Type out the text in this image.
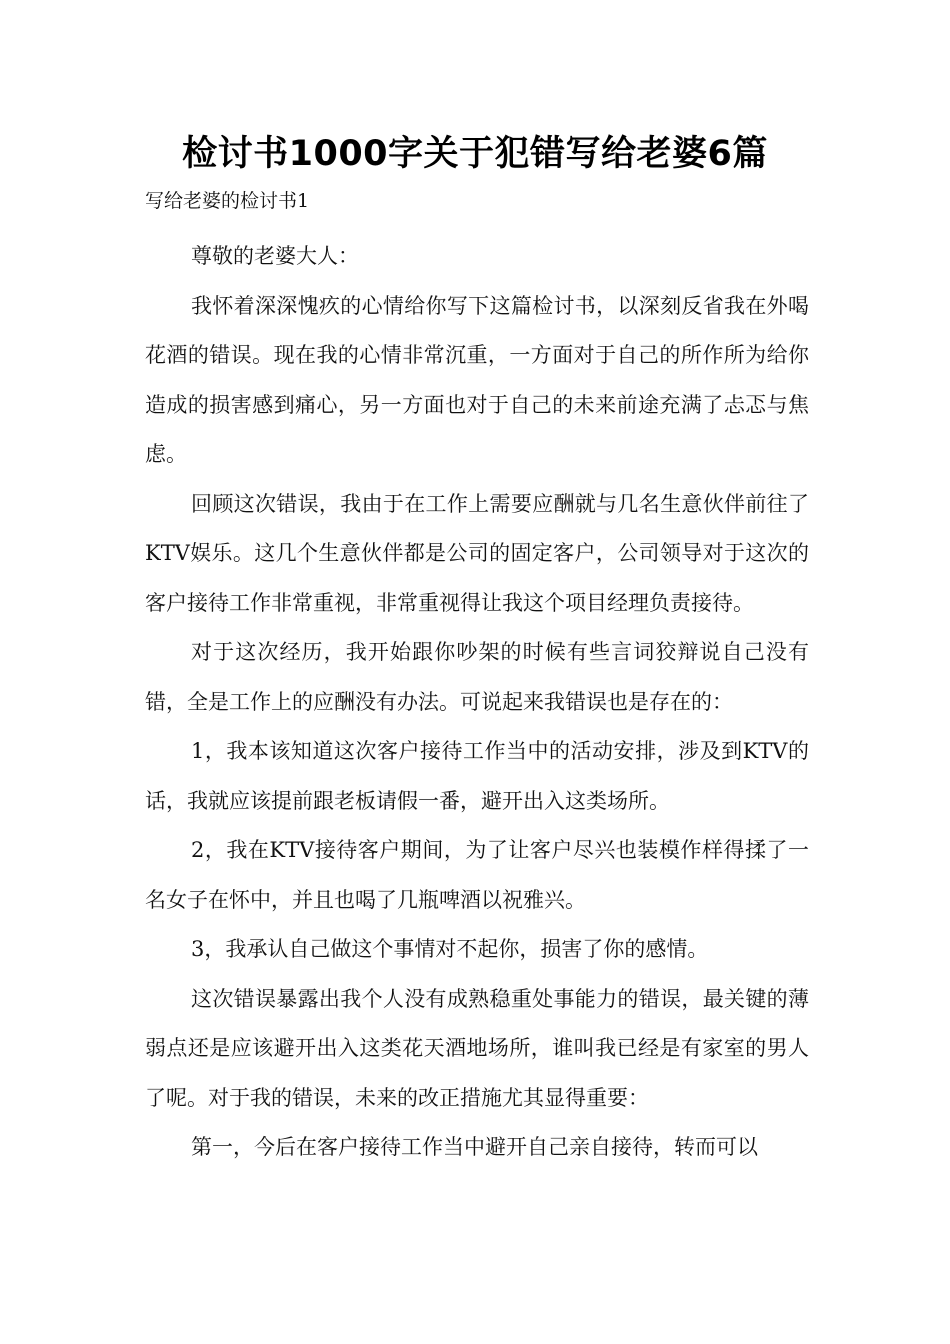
检讨书1000字关于犯错写给老婆6篇
写给老婆的检讨书1

尊敬的老婆大人：

我怀着深深愧疚的心情给你写下这篇检讨书，以深刻反省我在外喝花酒的错误。现在我的心情非常沉重，一方面对于自己的所作所为给你造成的损害感到痛心，另一方面也对于自己的未来前途充满了忐忑与焦虑。

回顾这次错误，我由于在工作上需要应酬就与几名生意伙伴前往了KTV娱乐。这几个生意伙伴都是公司的固定客户，公司领导对于这次的客户接待工作非常重视，非常重视得让我这个项目经理负责接待。

对于这次经历，我开始跟你吵架的时候有些言词狡辩说自己没有错，全是工作上的应酬没有办法。可说起来我错误也是存在的：

1，我本该知道这次客户接待工作当中的活动安排，涉及到KTV的话，我就应该提前跟老板请假一番，避开出入这类场所。

2，我在KTV接待客户期间，为了让客户尽兴也装模作样得揉了一名女子在怀中，并且也喝了几瓶啤酒以祝雅兴。

3，我承认自己做这个事情对不起你，损害了你的感情。

这次错误暴露出我个人没有成熟稳重处事能力的错误，最关键的薄弱点还是应该避开出入这类花天酒地场所，谁叫我已经是有家室的男人了呢。对于我的错误，未来的改正措施尤其显得重要：

第一，今后在客户接待工作当中避开自己亲自接待，转而可以
